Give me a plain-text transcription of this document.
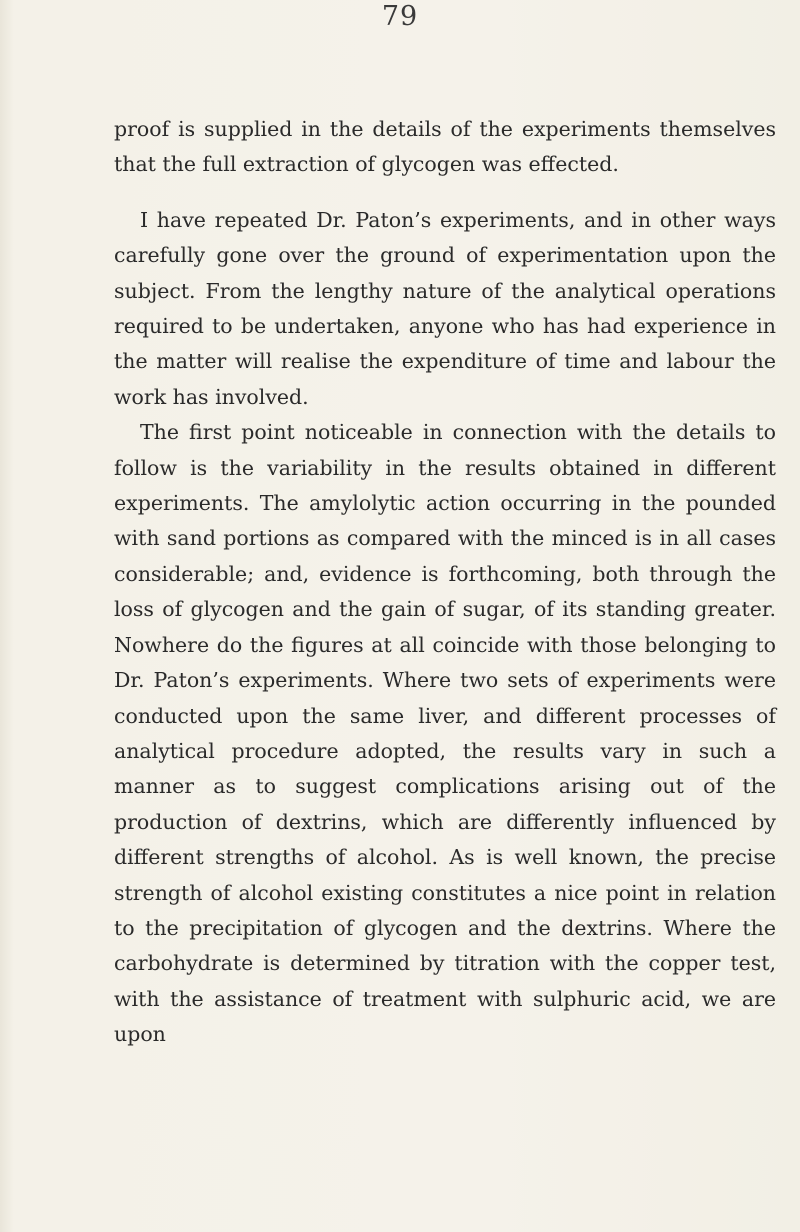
79

proof is supplied in the details of the experiments themselves that the full extraction of glycogen was effected.

I have repeated Dr. Paton’s experiments, and in other ways carefully gone over the ground of experimentation upon the subject. From the lengthy nature of the analytical operations required to be undertaken, anyone who has had experience in the matter will realise the expenditure of time and labour the work has involved.

The first point noticeable in connection with the details to follow is the variability in the results obtained in different experiments. The amylolytic action occurring in the pounded with sand portions as compared with the minced is in all cases considerable; and, evidence is forthcoming, both through the loss of glycogen and the gain of sugar, of its standing greater. Nowhere do the figures at all coincide with those belonging to Dr. Paton’s experiments. Where two sets of experiments were conducted upon the same liver, and different processes of analytical procedure adopted, the results vary in such a manner as to suggest complications arising out of the production of dextrins, which are differently influenced by different strengths of alcohol. As is well known, the precise strength of alcohol existing constitutes a nice point in relation to the precipitation of glycogen and the dextrins. Where the carbohydrate is determined by titration with the copper test, with the assistance of treatment with sulphuric acid, we are upon
